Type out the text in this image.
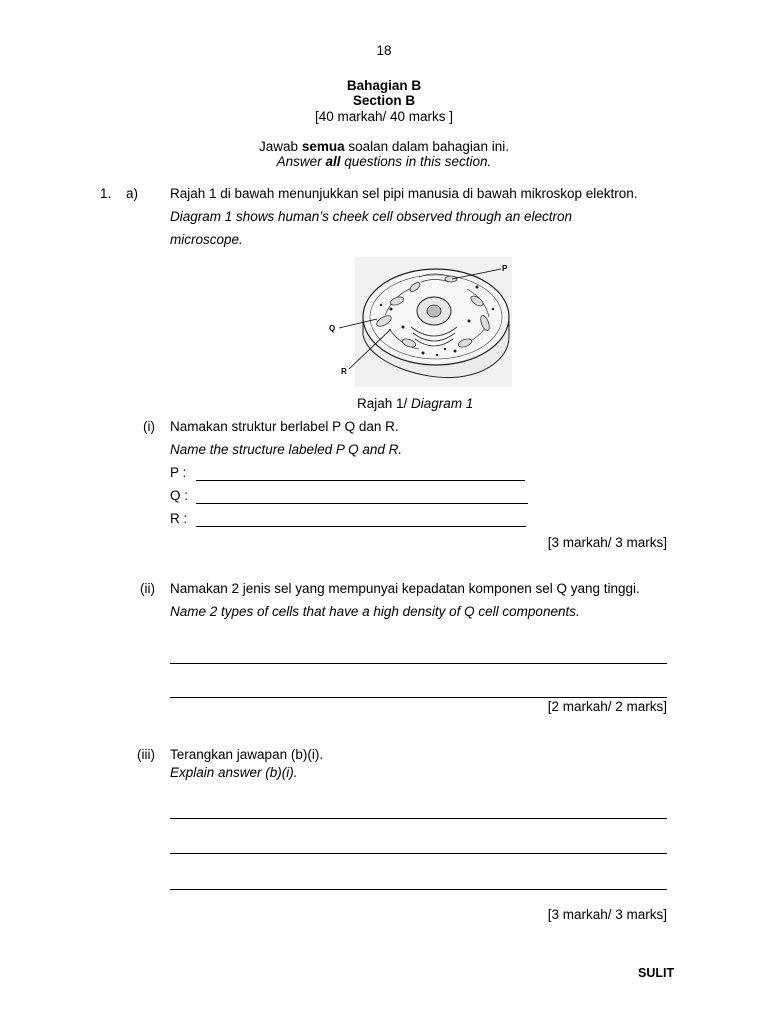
18
Bahagian B
Section B
[40 markah/ 40 marks ]
Jawab semua soalan dalam bahagian ini.
Answer all questions in this section.
1. a) Rajah 1 di bawah menunjukkan sel pipi manusia di bawah mikroskop elektron.
Diagram 1 shows human’s cheek cell observed through an electron
microscope.
P
Q
R
Rajah 1/ Diagram 1
(i) Namakan struktur berlabel P Q dan R.
Name the structure labeled P Q and R.
P :
Q :
R :
[3 markah/ 3 marks]
(ii) Namakan 2 jenis sel yang mempunyai kepadatan komponen sel Q yang tinggi.
Name 2 types of cells that have a high density of Q cell components.
[2 markah/ 2 marks]
(iii) Terangkan jawapan (b)(i).
Explain answer (b)(i).
[3 markah/ 3 marks]
SULIT
